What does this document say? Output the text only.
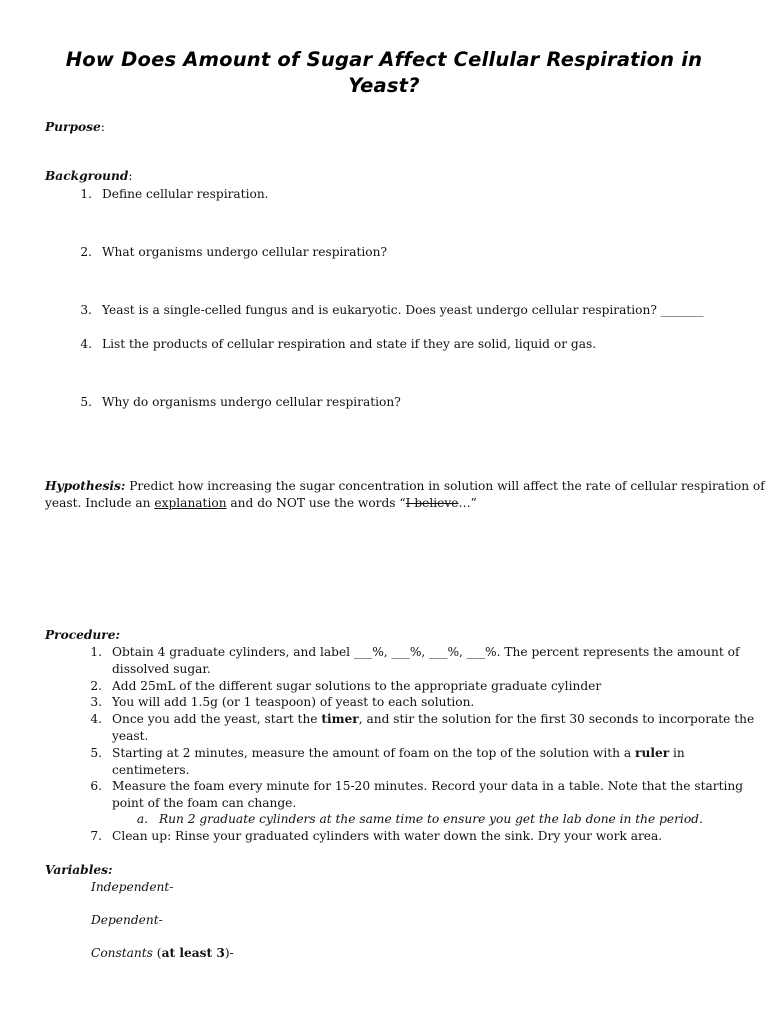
How Does Amount of Sugar Affect Cellular Respiration in
Yeast?
Purpose:
Background:
1. Define cellular respiration.
2. What organisms undergo cellular respiration?
3. Yeast is a single-celled fungus and is eukaryotic. Does yeast undergo cellular respiration? _______
4. List the products of cellular respiration and state if they are solid, liquid or gas.
5. Why do organisms undergo cellular respiration?
Hypothesis: Predict how increasing the sugar concentration in solution will affect the rate of cellular respiration of
yeast. Include an explanation and do NOT use the words “I believe…”
Procedure:
1. Obtain 4 graduate cylinders, and label ___%, ___%, ___%, ___%. The percent represents the amount of
dissolved sugar.
2. Add 25mL of the different sugar solutions to the appropriate graduate cylinder
3. You will add 1.5g (or 1 teaspoon) of yeast to each solution.
4. Once you add the yeast, start the timer, and stir the solution for the first 30 seconds to incorporate the
yeast.
5. Starting at 2 minutes, measure the amount of foam on the top of the solution with a ruler in
centimeters.
6. Measure the foam every minute for 15-20 minutes. Record your data in a table. Note that the starting
point of the foam can change.
a. Run 2 graduate cylinders at the same time to ensure you get the lab done in the period.
7. Clean up: Rinse your graduated cylinders with water down the sink. Dry your work area.
Variables:
Independent-
Dependent-
Constants (at least 3)-
